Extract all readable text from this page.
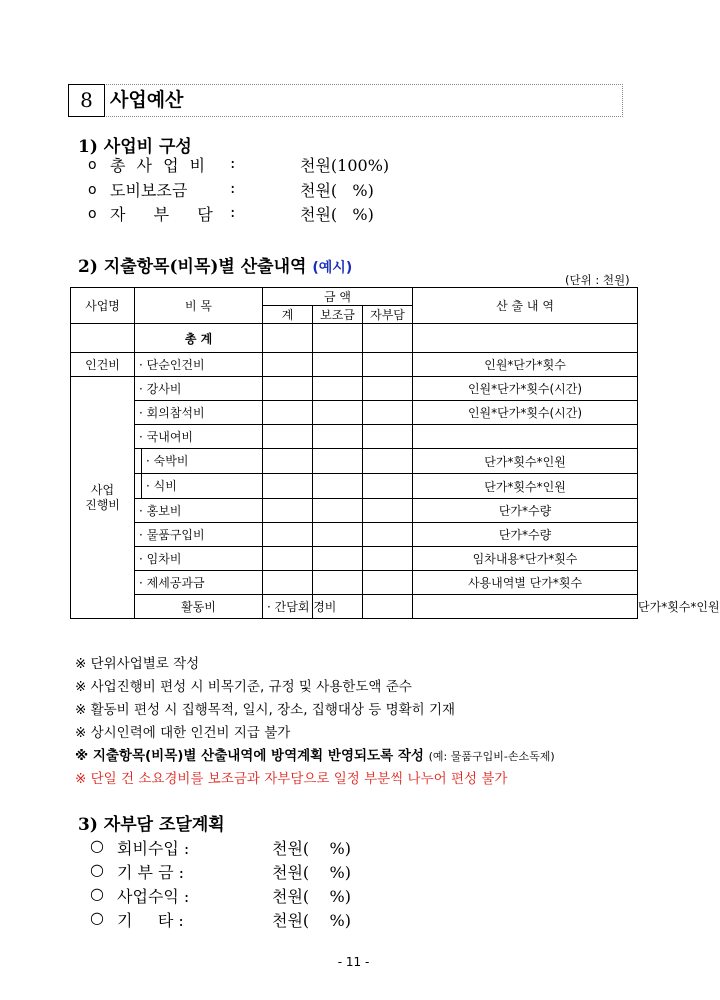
8 사업예산
1) 사업비 구성
o 총 사 업 비 :	천원(100%)
o 도비보조금	:	천원(   %)
o 자  부  담 :	천원(   %)
2) 지출항목(비목)별 산출내역 (예시)
(단위 : 천원)
사업명	비 목	금 액			산 출 내 역	
		계	보조금	자부담		
	총 계					
인건비	· 단순인건비				인원*단가*횟수	
사업
진행비	· 강사비				인원*단가*횟수(시간)	
	· 회의참석비				인원*단가*횟수(시간)	
	· 국내여비					
	· 숙박비				단가*횟수*인원	
	· 식비				단가*횟수*인원	
	· 홍보비				단가*수량	
	· 물품구입비				단가*수량	
	· 임차비				임차내용*단가*횟수	
	· 제세공과금				사용내역별 단가*횟수	
	활동비	· 간담회 경비				단가*횟수*인원
※ 단위사업별로 작성
※ 사업진행비 편성 시 비목기준, 규정 및 사용한도액 준수
※ 활동비 편성 시 집행목적, 일시, 장소, 집행대상 등 명확히 기재
※ 상시인력에 대한 인건비 지급 불가
※ 지출항목(비목)별 산출내역에 방역계획 반영되도록 작성 (예: 물품구입비-손소독제)
※ 단일 건 소요경비를 보조금과 자부담으로 일정 부분씩 나누어 편성 불가
3) 자부담 조달계획
○ 회비수입 :	천원(    %)
○ 기 부 금 :	천원(    %)
○ 사업수익 :	천원(    %)
○ 기     타 :	천원(    %)
- 11 -
